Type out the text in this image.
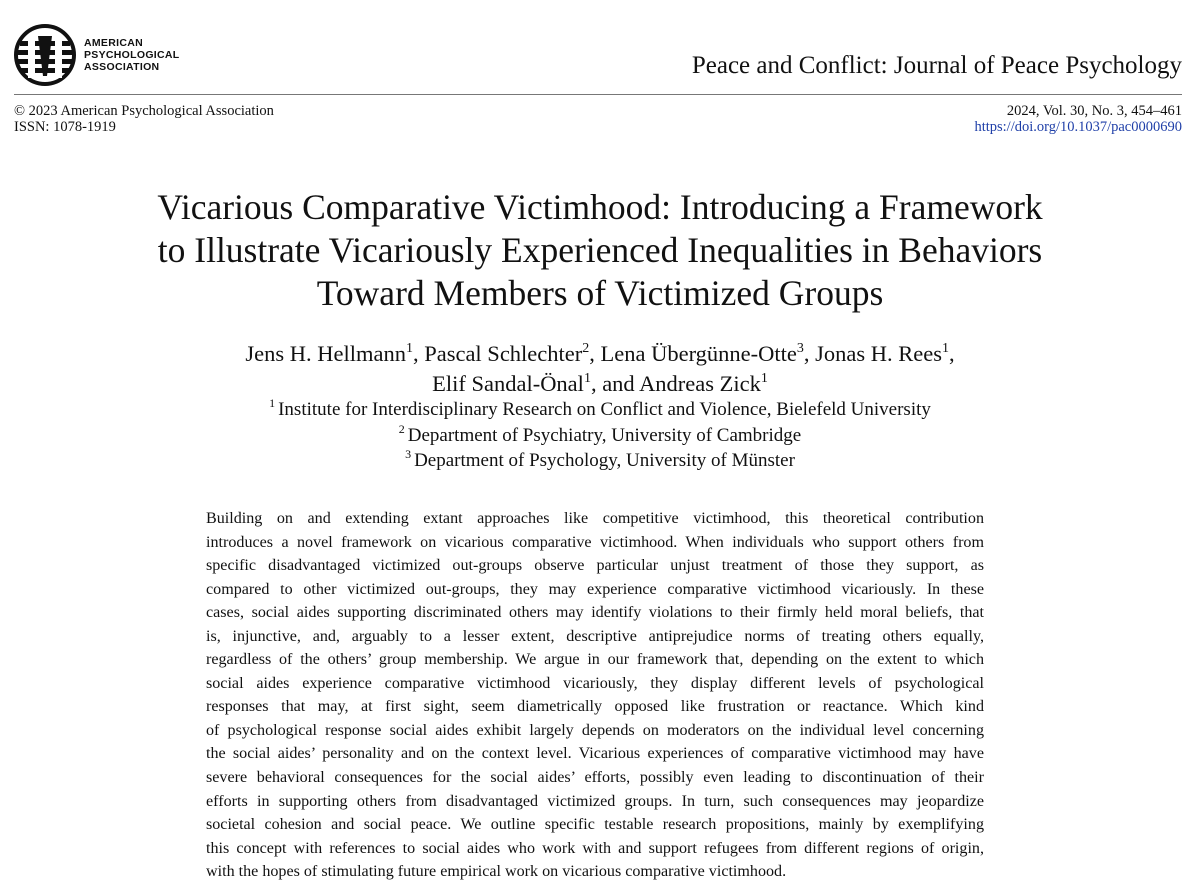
AMERICAN
PSYCHOLOGICAL
ASSOCIATION	Peace and Conflict: Journal of Peace Psychology
© 2023 American Psychological Association
ISSN: 1078-1919
2024, Vol. 30, No. 3, 454–461
https://doi.org/10.1037/pac0000690
Vicarious Comparative Victimhood: Introducing a Framework
to Illustrate Vicariously Experienced Inequalities in Behaviors
Toward Members of Victimized Groups
Jens H. Hellmann$^1$, Pascal Schlechter$^2$, Lena Übergünne-Otte$^3$, Jonas H. Rees$^1$,
Elif Sandal-Önal$^1$, and Andreas Zick$^1$
$^1$ Institute for Interdisciplinary Research on Conflict and Violence, Bielefeld University
$^2$ Department of Psychiatry, University of Cambridge
$^3$ Department of Psychology, University of Münster
Building on and extending extant approaches like competitive victimhood, this theoretical contribution
introduces a novel framework on vicarious comparative victimhood. When individuals who support others from
specific disadvantaged victimized out-groups observe particular unjust treatment of those they support, as
compared to other victimized out-groups, they may experience comparative victimhood vicariously. In these
cases, social aides supporting discriminated others may identify violations to their firmly held moral beliefs, that
is, injunctive, and, arguably to a lesser extent, descriptive antiprejudice norms of treating others equally,
regardless of the others’ group membership. We argue in our framework that, depending on the extent to which
social aides experience comparative victimhood vicariously, they display different levels of psychological
responses that may, at first sight, seem diametrically opposed like frustration or reactance. Which kind
of psychological response social aides exhibit largely depends on moderators on the individual level concerning
the social aides’ personality and on the context level. Vicarious experiences of comparative victimhood may have
severe behavioral consequences for the social aides’ efforts, possibly even leading to discontinuation of their
efforts in supporting others from disadvantaged victimized groups. In turn, such consequences may jeopardize
societal cohesion and social peace. We outline specific testable research propositions, mainly by exemplifying
this concept with references to social aides who work with and support refugees from different regions of origin,
with the hopes of stimulating future empirical work on vicarious comparative victimhood.
